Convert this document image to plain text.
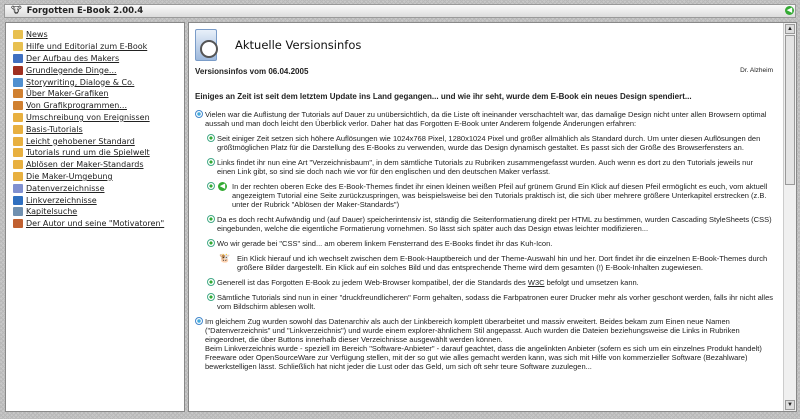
🐮 Forgotten E-Book 2.00.4	◀
News
Hilfe und Editorial zum E-Book
Der Aufbau des Makers
Grundlegende Dinge...
Storywriting, Dialoge & Co.
Über Maker-Grafiken
Von Grafikprogrammen...
Umschreibung von Ereignissen
Basis-Tutorials
Leicht gehobener Standard
Tutorials rund um die Spielwelt
Ablösen der Maker-Standards
Die Maker-Umgebung
Datenverzeichnisse
Linkverzeichnisse
Kapitelsuche
Der Autor und seine "Motivatoren"
Aktuelle Versionsinfos
Versionsinfos vom 06.04.2005	Dr. Alzheim
Einiges an Zeit ist seit dem letztem Update ins Land gegangen... und wie ihr seht, wurde dem E-Book ein neues Design spendiert...
Vielen war die Auflistung der Tutorials auf Dauer zu unübersichtlich, da die Liste oft ineinander verschachtelt war, das damalige Design nicht unter allen Browsern optimal aussah und man doch leicht den Überblick verlor. Daher hat das Forgotten E-Book unter Anderem folgende Änderungen erfahren:
Seit einiger Zeit setzen sich höhere Auflösungen wie 1024x768 Pixel, 1280x1024 Pixel und größer allmählich als Standard durch. Um unter diesen Auflösungen den größtmöglichen Platz für die Darstellung des E-Books zu verwenden, wurde das Design dynamisch gestaltet. Es passt sich der Größe des Browserfensters an.
Links findet ihr nun eine Art "Verzeichnisbaum", in dem sämtliche Tutorials zu Rubriken zusammengefasst wurden. Auch wenn es dort zu den Tutorials jeweils nur einen Link gibt, so sind sie doch nach wie vor für den englischen und den deutschen Maker verfasst.
◀ In der rechten oberen Ecke des E-Book-Themes findet ihr einen kleinen weißen Pfeil auf grünem Grund Ein Klick auf diesen Pfeil ermöglicht es euch, vom aktuell angezeigtem Tutorial eine Seite zurückzuspringen, was beispielsweise bei den Tutorials praktisch ist, die sich über mehrere größere Unterkapitel erstrecken (z.B. unter der Rubrick "Ablösen der Maker-Standards")
Da es doch recht Aufwändig und (auf Dauer) speicherintensiv ist, ständig die Seitenformatierung direkt per HTML zu bestimmen, wurden Cascading StyleSheets (CSS) eingebunden, welche die eigentliche Formatierung vornehmen. So lässt sich später auch das Design etwas leichter modifizieren...
Wo wir gerade bei "CSS" sind... am oberem linkem Fensterrand des E-Books findet ihr das Kuh-Icon.
🐮 Ein Klick hierauf und ich wechselt zwischen dem E-Book-Hauptbereich und der Theme-Auswahl hin und her. Dort findet ihr die einzelnen E-Book-Themes durch größere Bilder dargestellt. Ein Klick auf ein solches Bild und das entsprechende Theme wird dem gesamten (!) E-Book-Inhalten zugewiesen.
Generell ist das Forgotten E-Book zu jedem Web-Browser kompatibel, der die Standards des W3C befolgt und umsetzen kann.
Sämtliche Tutorials sind nun in einer "druckfreundlicheren" Form gehalten, sodass die Farbpatronen eurer Drucker mehr als vorher geschont werden, falls ihr nicht alles vom Bildschirm ablesen wollt.
Im gleichem Zug wurden sowohl das Datenarchiv als auch der Linkbereich komplett überarbeitet und massiv erweitert. Beides bekam zum Einen neue Namen ("Datenverzeichnis" und "Linkverzeichnis") und wurde einem explorer-ähnlichem Stil angepasst. Auch wurden die Dateien beziehungsweise die Links in Rubriken eingeordnet, die über Buttons innerhalb dieser Verzeichnisse ausgewählt werden können.
Beim Linkverzeichnis wurde - speziell im Bereich "Software-Anbieter" - darauf geachtet, dass die angelinkten Anbieter (sofern es sich um ein einzelnes Produkt handelt) Freeware oder OpenSourceWare zur Verfügung stellen, mit der so gut wie alles gemacht werden kann, was sich mit Hilfe von kommerzieller Software (Bezahlware) bewerkstelligen lässt. Schließlich hat nicht jeder die Lust oder das Geld, um sich oft sehr teure Software zuzulegen...
▲
▼
